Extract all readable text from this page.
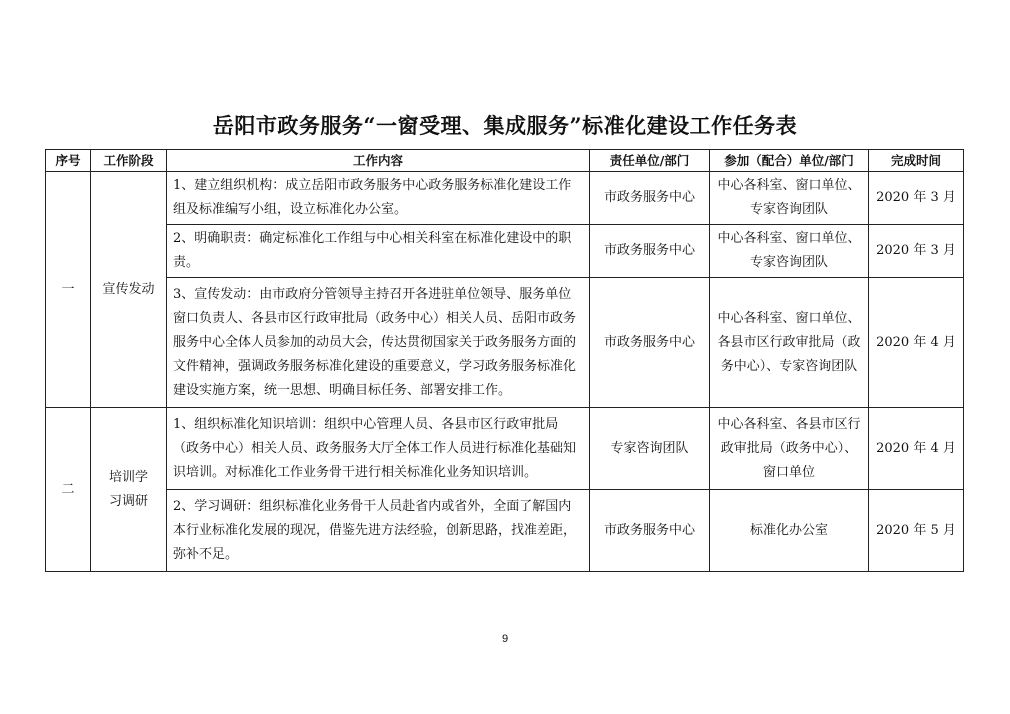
岳阳市政务服务“一窗受理、集成服务”标准化建设工作任务表
序号	工作阶段	工作内容	责任单位/部门	参加（配合）单位/部门	完成时间
一	宣传发动	1、建立组织机构：成立岳阳市政务服务中心政务服务标准化建设工作组及标准编写小组，设立标准化办公室。	市政务服务中心	中心各科室、窗口单位、专家咨询团队	2020 年 3 月
		2、明确职责：确定标准化工作组与中心相关科室在标准化建设中的职责。	市政务服务中心	中心各科室、窗口单位、专家咨询团队	2020 年 3 月
		3、宣传发动：由市政府分管领导主持召开各进驻单位领导、服务单位窗口负责人、各县市区行政审批局（政务中心）相关人员、岳阳市政务服务中心全体人员参加的动员大会，传达贯彻国家关于政务服务方面的文件精神，强调政务服务标准化建设的重要意义，学习政务服务标准化建设实施方案，统一思想、明确目标任务、部署安排工作。	市政务服务中心	中心各科室、窗口单位、各县市区行政审批局（政务中心）、专家咨询团队	2020 年 4 月
二	培训学习调研	1、组织标准化知识培训：组织中心管理人员、各县市区行政审批局（政务中心）相关人员、政务服务大厅全体工作人员进行标准化基础知识培训。对标准化工作业务骨干进行相关标准化业务知识培训。	专家咨询团队	中心各科室、各县市区行政审批局（政务中心）、窗口单位	2020 年 4 月
		2、学习调研：组织标准化业务骨干人员赴省内或省外，全面了解国内本行业标准化发展的现况，借鉴先进方法经验，创新思路，找准差距，弥补不足。	市政务服务中心	标准化办公室	2020 年 5 月
9
